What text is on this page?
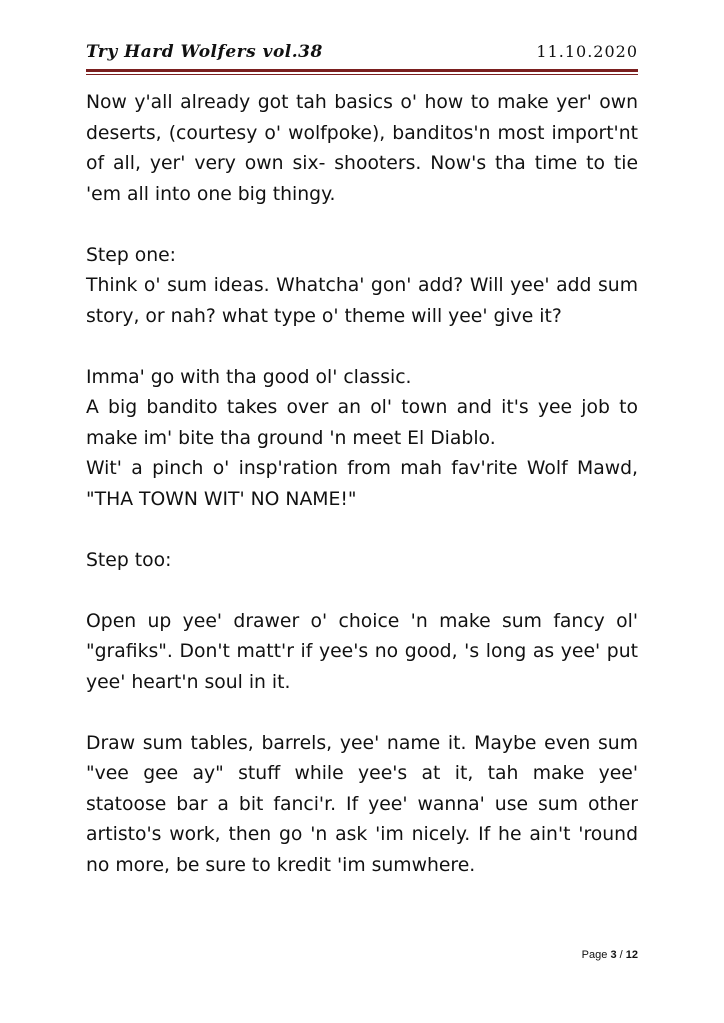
Try Hard Wolfers vol.38	11.10.2020

Now y'all already got tah basics o' how to make yer' own deserts, (courtesy o' wolfpoke), banditos'n most import'nt of all, yer' very own six- shooters. Now's tha time to tie 'em all into one big thingy.

Step one:

Think o' sum ideas. Whatcha' gon' add? Will yee' add sum story, or nah? what type o' theme will yee' give it?

Imma' go with tha good ol' classic.

A big bandito takes over an ol' town and it's yee job to make im' bite tha ground 'n meet El Diablo.

Wit' a pinch o' insp'ration from mah fav'rite Wolf Mawd, "THA TOWN WIT' NO NAME!"

Step too:

Open up yee' drawer o' choice 'n make sum fancy ol' "grafiks". Don't matt'r if yee's no good, 's long as yee' put yee' heart'n soul in it.

Draw sum tables, barrels, yee' name it. Maybe even sum "vee gee ay" stuff while yee's at it, tah make yee' statoose bar a bit fanci'r. If yee' wanna' use sum other artisto's work, then go 'n ask 'im nicely. If he ain't 'round no more, be sure to kredit 'im sumwhere.

Page 3 / 12
